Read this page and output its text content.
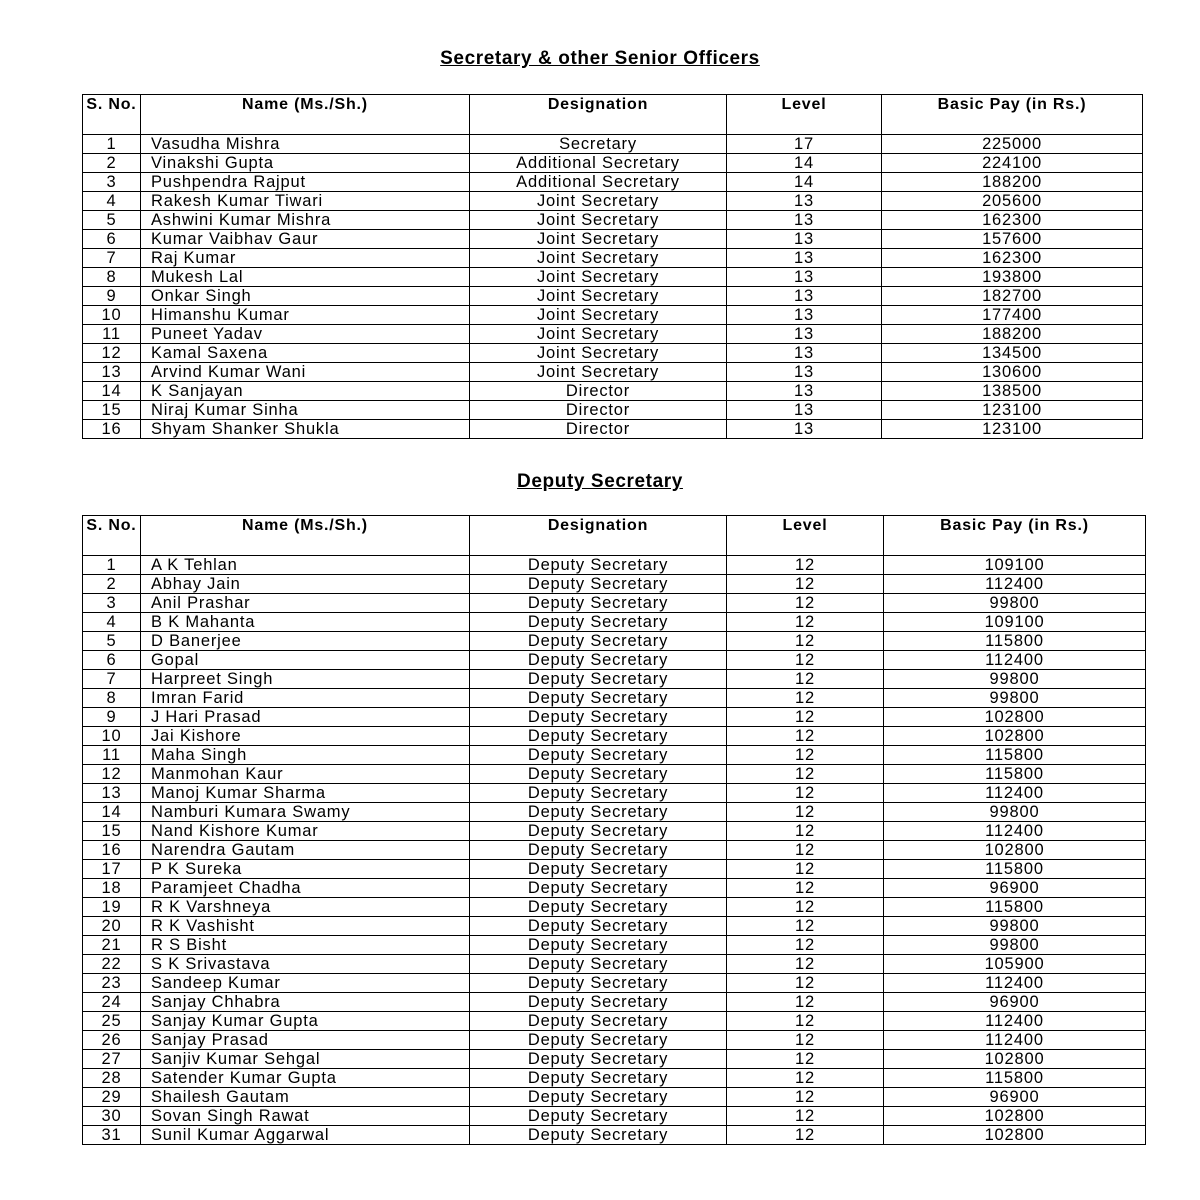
Secretary & other Senior Officers
S. No.	Name (Ms./Sh.)	Designation	Level	Basic Pay (in Rs.)
1	Vasudha Mishra	Secretary	17	225000
2	Vinakshi Gupta	Additional Secretary	14	224100
3	Pushpendra Rajput	Additional Secretary	14	188200
4	Rakesh Kumar Tiwari	Joint Secretary	13	205600
5	Ashwini Kumar Mishra	Joint Secretary	13	162300
6	Kumar Vaibhav Gaur	Joint Secretary	13	157600
7	Raj Kumar	Joint Secretary	13	162300
8	Mukesh Lal	Joint Secretary	13	193800
9	Onkar Singh	Joint Secretary	13	182700
10	Himanshu Kumar	Joint Secretary	13	177400
11	Puneet Yadav	Joint Secretary	13	188200
12	Kamal Saxena	Joint Secretary	13	134500
13	Arvind Kumar Wani	Joint Secretary	13	130600
14	K Sanjayan	Director	13	138500
15	Niraj Kumar Sinha	Director	13	123100
16	Shyam Shanker Shukla	Director	13	123100
Deputy Secretary
S. No.	Name (Ms./Sh.)	Designation	Level	Basic Pay (in Rs.)
1	A K Tehlan	Deputy Secretary	12	109100
2	Abhay Jain	Deputy Secretary	12	112400
3	Anil Prashar	Deputy Secretary	12	99800
4	B K Mahanta	Deputy Secretary	12	109100
5	D Banerjee	Deputy Secretary	12	115800
6	Gopal	Deputy Secretary	12	112400
7	Harpreet Singh	Deputy Secretary	12	99800
8	Imran Farid	Deputy Secretary	12	99800
9	J Hari Prasad	Deputy Secretary	12	102800
10	Jai Kishore	Deputy Secretary	12	102800
11	Maha Singh	Deputy Secretary	12	115800
12	Manmohan Kaur	Deputy Secretary	12	115800
13	Manoj Kumar Sharma	Deputy Secretary	12	112400
14	Namburi Kumara Swamy	Deputy Secretary	12	99800
15	Nand Kishore Kumar	Deputy Secretary	12	112400
16	Narendra Gautam	Deputy Secretary	12	102800
17	P K Sureka	Deputy Secretary	12	115800
18	Paramjeet Chadha	Deputy Secretary	12	96900
19	R K Varshneya	Deputy Secretary	12	115800
20	R K Vashisht	Deputy Secretary	12	99800
21	R S Bisht	Deputy Secretary	12	99800
22	S K Srivastava	Deputy Secretary	12	105900
23	Sandeep Kumar	Deputy Secretary	12	112400
24	Sanjay Chhabra	Deputy Secretary	12	96900
25	Sanjay Kumar Gupta	Deputy Secretary	12	112400
26	Sanjay Prasad	Deputy Secretary	12	112400
27	Sanjiv Kumar Sehgal	Deputy Secretary	12	102800
28	Satender Kumar Gupta	Deputy Secretary	12	115800
29	Shailesh Gautam	Deputy Secretary	12	96900
30	Sovan Singh Rawat	Deputy Secretary	12	102800
31	Sunil Kumar Aggarwal	Deputy Secretary	12	102800
